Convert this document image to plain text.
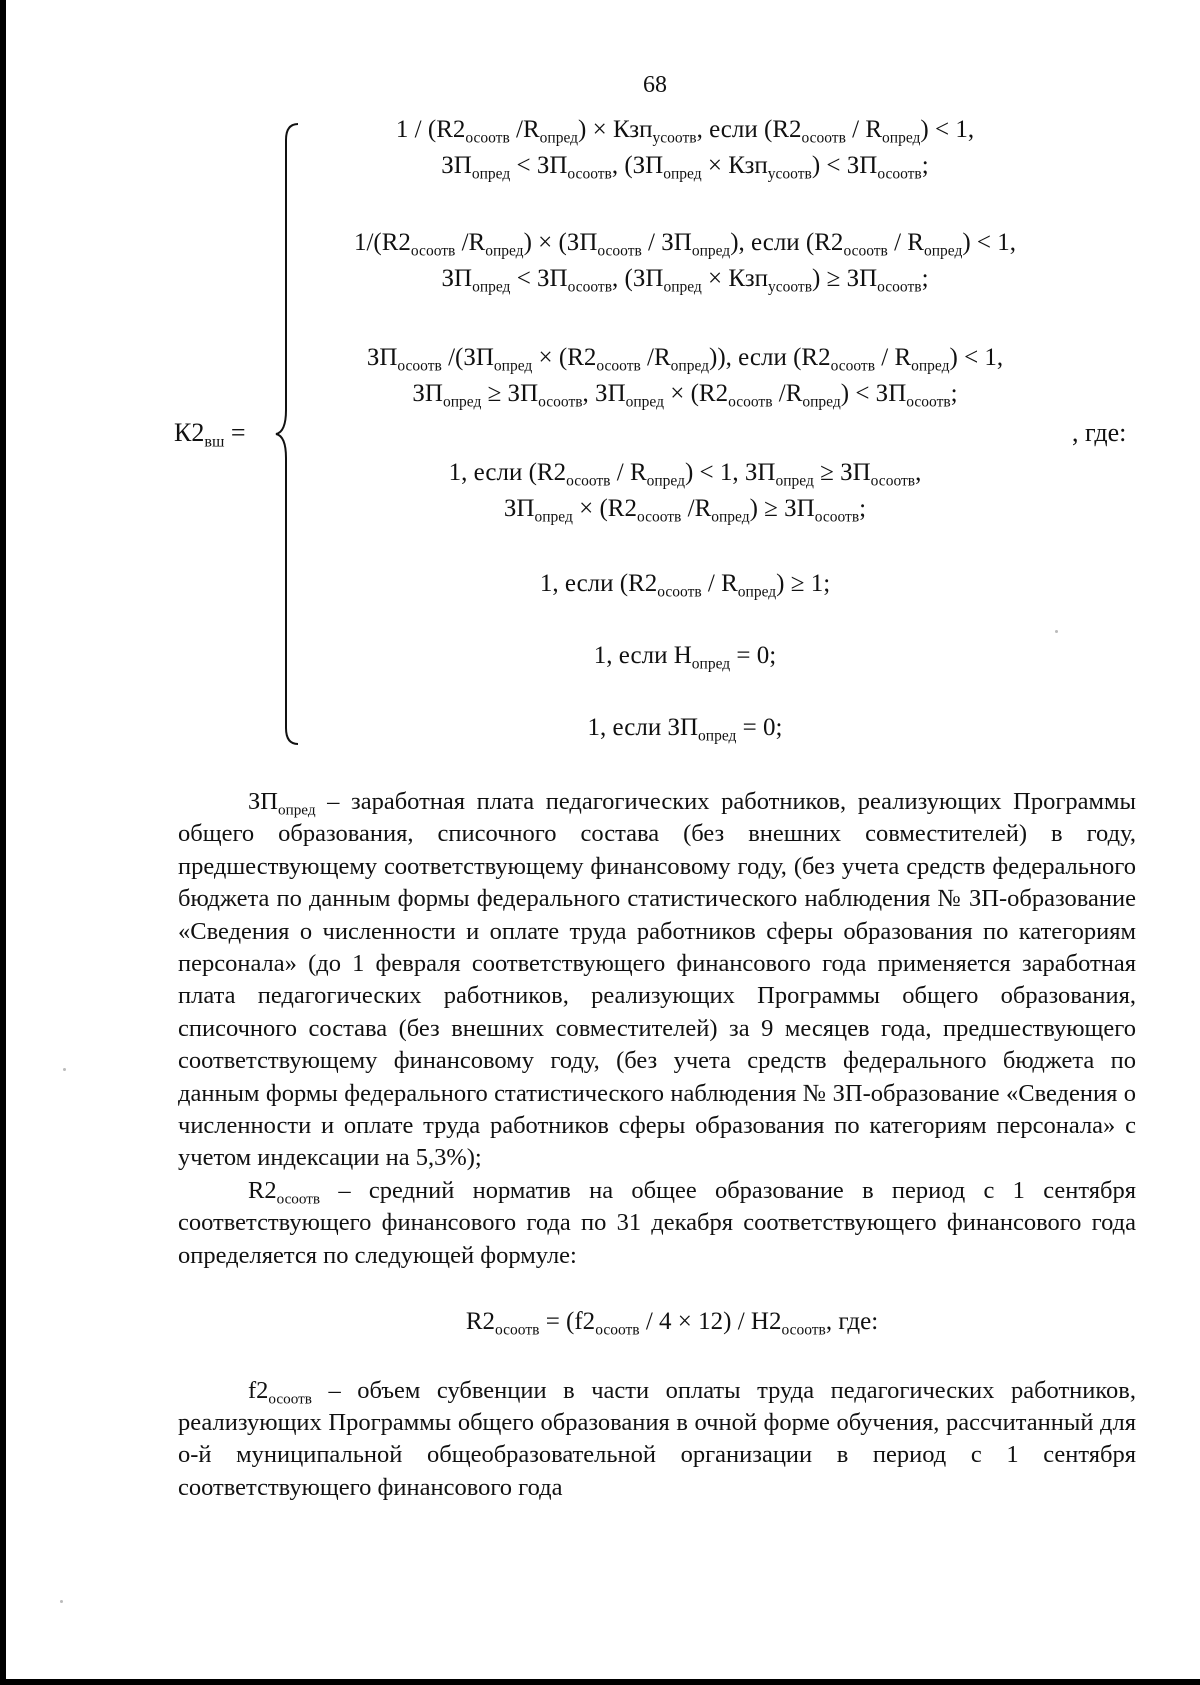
68
$К2_{вш}$ =	, где:
$1 / (R2_{осоотв}$ $/R_{опред}) \times Кзп_{усоотв}$, если $(R2_{осоотв} / R_{опред}) < 1$,
$ЗП_{опред} < ЗП_{осоотв}$, $(ЗП_{опред} \times Кзп_{усоотв}) < ЗП_{осоотв}$;
$1/(R2_{осоотв}$ $/R_{опред}) \times (ЗП_{осоотв} / ЗП_{опред})$, если $(R2_{осоотв} / R_{опред}) < 1$,
$ЗП_{опред} < ЗП_{осоотв}$, $(ЗП_{опред} \times Кзп_{усоотв}) \ge ЗП_{осоотв}$;
$ЗП_{осоотв}$ $/(ЗП_{опред} \times (R2_{осоотв}$ $/R_{опред}$)), если $(R2_{осоотв} / R_{опред}) < 1$,
$ЗП_{опред} \ge ЗП_{осоотв}$, $ЗП_{опред} \times (R2_{осоотв}$ $/R_{опред}) < ЗП_{осоотв}$;
1, если $(R2_{осоотв} / R_{опред}) < 1$, $ЗП_{опред} \ge ЗП_{осоотв}$,
$ЗП_{опред} \times (R2_{осоотв}$ $/R_{опред}) \ge ЗП_{осоотв}$;
1, если $(R2_{осоотв} / R_{опред}) \ge 1$;
1, если $Н_{опред} = 0$;
1, если $ЗП_{опред} = 0$;

$ЗП_{опред}$ – заработная плата педагогических работников, реализующих Программы общего образования, списочного состава (без внешних совместителей) в году, предшествующему соответствующему финансовому году, (без учета средств федерального бюджета по данным формы федерального статистического наблюдения № ЗП-образование «Сведения о численности и оплате труда работников сферы образования по категориям персонала» (до 1 февраля соответствующего финансового года применяется заработная плата педагогических работников, реализующих Программы общего образования, списочного состава (без внешних совместителей) за 9 месяцев года, предшествующего соответствующему финансовому году, (без учета средств федерального бюджета по данным формы федерального статистического наблюдения № ЗП-образование «Сведения о численности и оплате труда работников сферы образования по категориям персонала» с учетом индексации на 5,3%);

$R2_{осоотв}$ – средний норматив на общее образование в период с 1 сентября соответствующего финансового года по 31 декабря соответствующего финансового года определяется по следующей формуле:

$R2_{осоотв} = (f2_{осоотв} / 4 \times 12) / Н2_{осоотв}$, где:

$f2_{осоотв}$ – объем субвенции в части оплаты труда педагогических работников, реализующих Программы общего образования в очной форме обучения, рассчитанный для о-й муниципальной общеобразовательной организации в период с 1 сентября соответствующего финансового года
